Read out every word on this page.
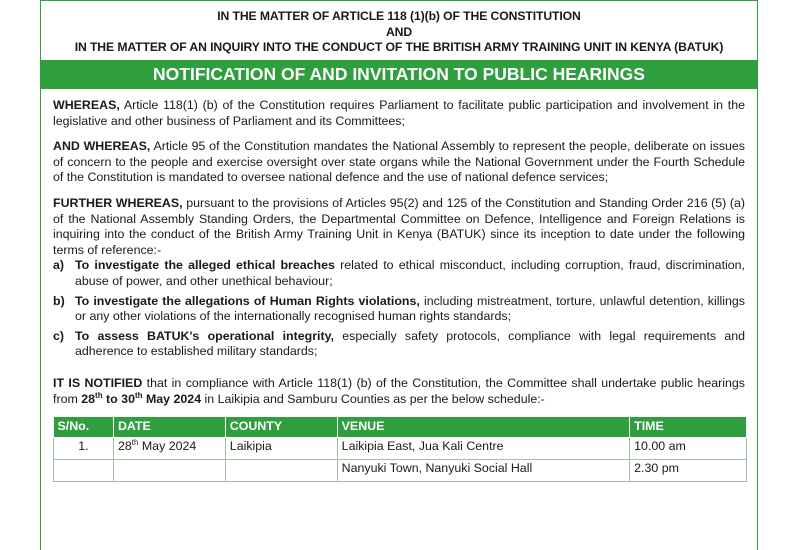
IN THE MATTER OF ARTICLE 118 (1)(b) OF THE CONSTITUTION
AND
IN THE MATTER OF AN INQUIRY INTO THE CONDUCT OF THE BRITISH ARMY TRAINING UNIT IN KENYA (BATUK)
NOTIFICATION OF AND INVITATION TO PUBLIC HEARINGS

WHEREAS, Article 118(1) (b) of the Constitution requires Parliament to facilitate public participation and involvement in the legislative and other business of Parliament and its Committees;

AND WHEREAS, Article 95 of the Constitution mandates the National Assembly to represent the people, deliberate on issues of concern to the people and exercise oversight over state organs while the National Government under the Fourth Schedule of the Constitution is mandated to oversee national defence and the use of national defence services;

FURTHER WHEREAS, pursuant to the provisions of Articles 95(2) and 125 of the Constitution and Standing Order 216 (5) (a) of the National Assembly Standing Orders, the Departmental Committee on Defence, Intelligence and Foreign Relations is inquiring into the conduct of the British Army Training Unit in Kenya (BATUK) since its inception to date under the following terms of reference:-

a) To investigate the alleged ethical breaches related to ethical misconduct, including corruption, fraud, discrimination, abuse of power, and other unethical behaviour;
b) To investigate the allegations of Human Rights violations, including mistreatment, torture, unlawful detention, killings or any other violations of the internationally recognised human rights standards;
c) To assess BATUK's operational integrity, especially safety protocols, compliance with legal requirements and adherence to established military standards;

IT IS NOTIFIED that in compliance with Article 118(1) (b) of the Constitution, the Committee shall undertake public hearings from 28th to 30th May 2024 in Laikipia and Samburu Counties as per the below schedule:-

S/No.	DATE	COUNTY	VENUE	TIME
1.	28th May 2024	Laikipia	Laikipia East, Jua Kali Centre	10.00 am
			Nanyuki Town, Nanyuki Social Hall	2.30 pm
